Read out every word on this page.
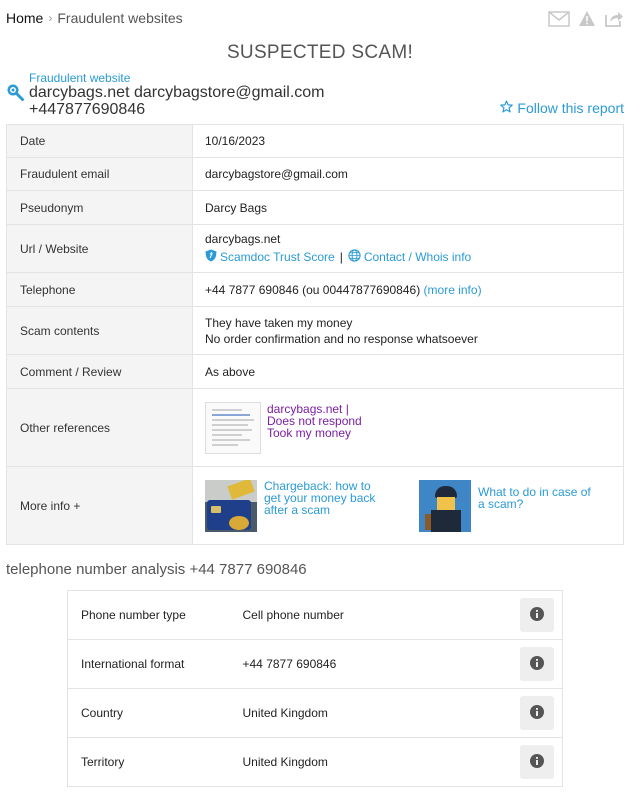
Home › Fraudulent websites
SUSPECTED SCAM!
Fraudulent website
darcybags.net darcybagstore@gmail.com
+447877690846	Follow this report
Date	10/16/2023
Fraudulent email	darcybagstore@gmail.com
Pseudonym	Darcy Bags
Url / Website	darcybags.net
Scamdoc Trust Score | Contact / Whois info

Telephone	+44 7877 690846 (ou 00447877690846) (more info)
Scam contents	They have taken my money
No order confirmation and no response whatsoever

Comment / Review	As above
Other references	darcybags.net | Does not respond Took my money

More info +	Chargeback: how to get your money back after a scam
What to do in case of a scam?
telephone number analysis +44 7877 690846
Phone number type	Cell phone number	

International format	+44 7877 690846	

Country	United Kingdom	

Territory	United Kingdom	
